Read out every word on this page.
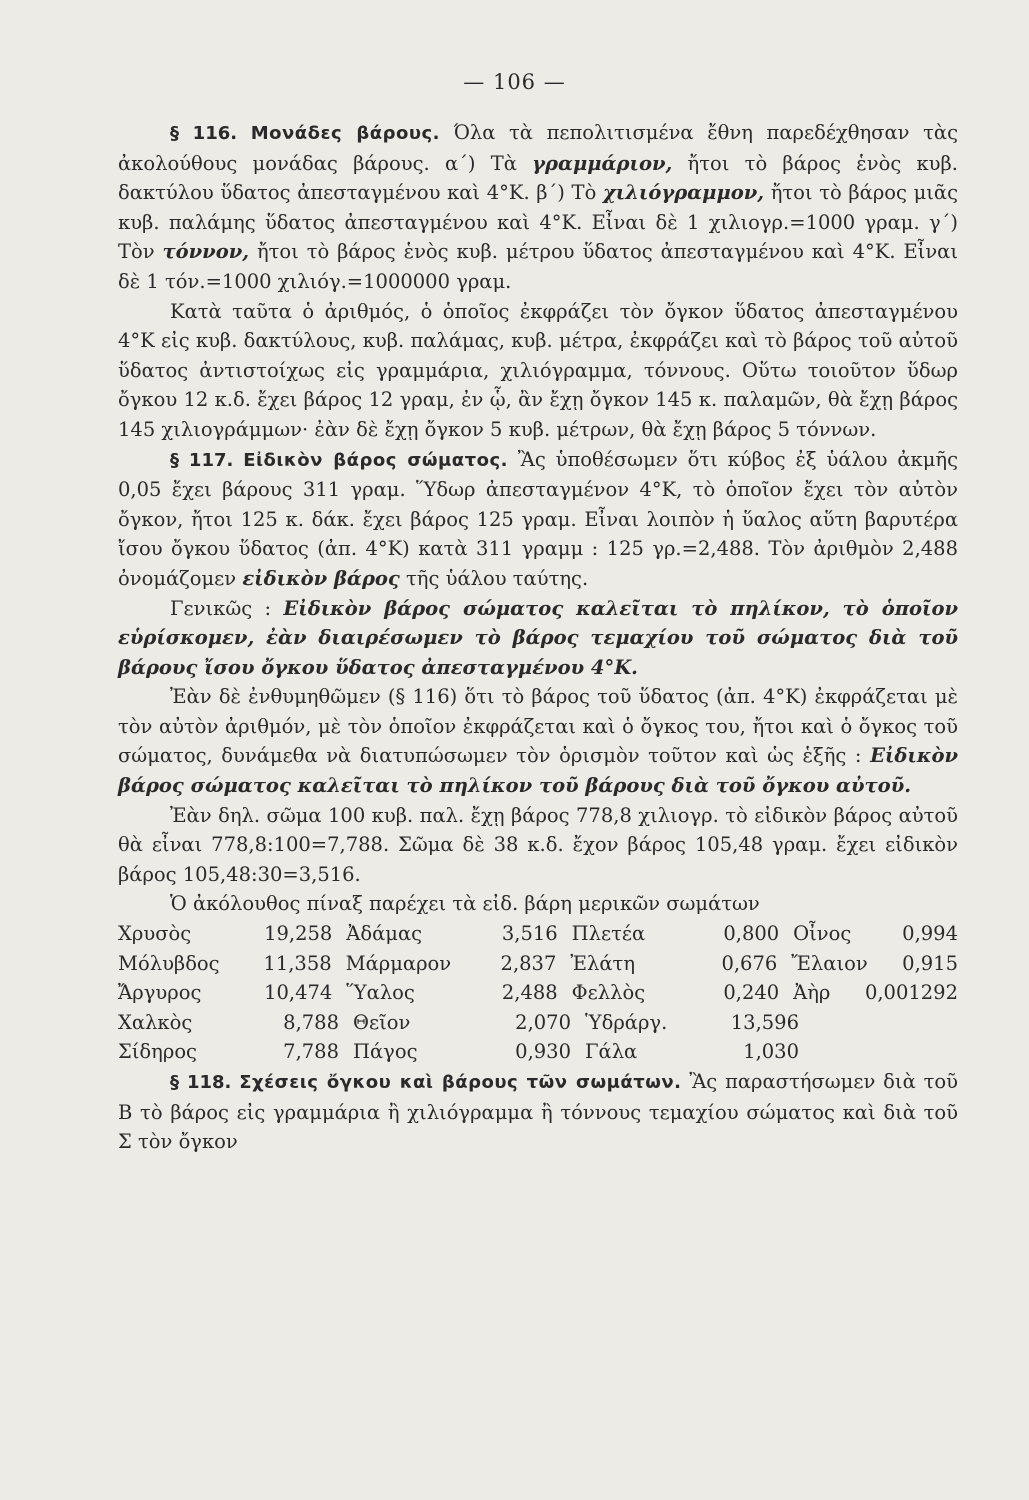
— 106 —

§ 116. Μονάδες βάρους. Όλα τὰ πεπολιτισμένα ἔθνη παρεδέχθησαν τὰς ἀκολούθους μονάδας βάρους. α΄) Τὰ γραμμάριον, ἤτοι τὸ βάρος ἑνὸς κυβ. δακτύλου ὕδατος ἀπεσταγμένου καὶ 4°Κ. β΄) Τὸ χιλιόγραμμον, ἤτοι τὸ βάρος μιᾶς κυβ. παλάμης ὕδατος ἀπεσταγμένου καὶ 4°Κ. Εἶναι δὲ 1 χιλιογρ.=1000 γραμ. γ΄) Τὸν τόννον, ἤτοι τὸ βάρος ἑνὸς κυβ. μέτρου ὕδατος ἀπεσταγμένου καὶ 4°Κ. Εἶναι δὲ 1 τόν.=1000 χιλιόγ.=1000000 γραμ.

Κατὰ ταῦτα ὁ ἀριθμός, ὁ ὁποῖος ἐκφράζει τὸν ὄγκον ὕδατος ἀπεσταγμένου 4°Κ εἰς κυβ. δακτύλους, κυβ. παλάμας, κυβ. μέτρα, ἐκφράζει καὶ τὸ βάρος τοῦ αὐτοῦ ὕδατος ἀντιστοίχως εἰς γραμμάρια, χιλιόγραμμα, τόννους. Οὕτω τοιοῦτον ὕδωρ ὄγκου 12 κ.δ. ἔχει βάρος 12 γραμ, ἐν ᾧ, ἂν ἔχῃ ὄγκον 145 κ. παλαμῶν, θὰ ἔχῃ βάρος 145 χιλιογράμμων· ἐὰν δὲ ἔχῃ ὄγκον 5 κυβ. μέτρων, θὰ ἔχῃ βάρος 5 τόννων.

§ 117. Εἰδικὸν βάρος σώματος. Ἂς ὑποθέσωμεν ὅτι κύβος ἐξ ὑάλου ἀκμῆς 0,05 ἔχει βάρους 311 γραμ. Ὕδωρ ἀπεσταγμένον 4°Κ, τὸ ὁποῖον ἔχει τὸν αὐτὸν ὄγκον, ἤτοι 125 κ. δάκ. ἔχει βάρος 125 γραμ. Εἶναι λοιπὸν ἡ ὕαλος αὕτη βαρυτέρα ἴσου ὄγκου ὕδατος (ἀπ. 4°Κ) κατὰ 311 γραμμ : 125 γρ.=2,488. Τὸν ἀριθμὸν 2,488 ὀνομάζομεν εἰδικὸν βάρος τῆς ὑάλου ταύτης.

Γενικῶς : Εἰδικὸν βάρος σώματος καλεῖται τὸ πηλίκον, τὸ ὁποῖον εὑρίσκομεν, ἐὰν διαιρέσωμεν τὸ βάρος τεμαχίου τοῦ σώματος διὰ τοῦ βάρους ἴσου ὄγκου ὕδατος ἀπεσταγμένου 4°Κ.

Ἐὰν δὲ ἐνθυμηθῶμεν (§ 116) ὅτι τὸ βάρος τοῦ ὕδατος (ἀπ. 4°Κ) ἐκφράζεται μὲ τὸν αὐτὸν ἀριθμόν, μὲ τὸν ὁποῖον ἐκφράζεται καὶ ὁ ὄγκος του, ἤτοι καὶ ὁ ὄγκος τοῦ σώματος, δυνάμεθα νὰ διατυπώσωμεν τὸν ὁρισμὸν τοῦτον καὶ ὡς ἑξῆς : Εἰδικὸν βάρος σώματος καλεῖται τὸ πηλίκον τοῦ βάρους διὰ τοῦ ὄγκου αὐτοῦ.

Ἐὰν δηλ. σῶμα 100 κυβ. παλ. ἔχῃ βάρος 778,8 χιλιογρ. τὸ εἰδικὸν βάρος αὐτοῦ θὰ εἶναι 778,8:100=7,788. Σῶμα δὲ 38 κ.δ. ἔχον βάρος 105,48 γραμ. ἔχει εἰδικὸν βάρος 105,48:30=3,516.

Ὁ ἀκόλουθος πίναξ παρέχει τὰ εἰδ. βάρη μερικῶν σωμάτων

Χρυσὸς	19,258 Ἀδάμας	3,516 Πλετέα	0,800 Οἶνος	0,994
Μόλυβδος	11,358 Μάρμαρον	2,837 Ἐλάτη	0,676 Ἔλαιον	0,915
Ἄργυρος	10,474 Ὕαλος	2,488 Φελλὸς	0,240 Ἀὴρ	0,001292
Χαλκὸς	8,788 Θεῖον	2,070 Ὑδράργ.	13,596
Σίδηρος	7,788 Πάγος	0,930 Γάλα	1,030

§ 118. Σχέσεις ὄγκου καὶ βάρους τῶν σωμάτων. Ἂς παραστήσωμεν διὰ τοῦ Β τὸ βάρος εἰς γραμμάρια ἢ χιλιόγραμμα ἢ τόννους τεμαχίου σώματος καὶ διὰ τοῦ Σ τὸν ὄγκον
